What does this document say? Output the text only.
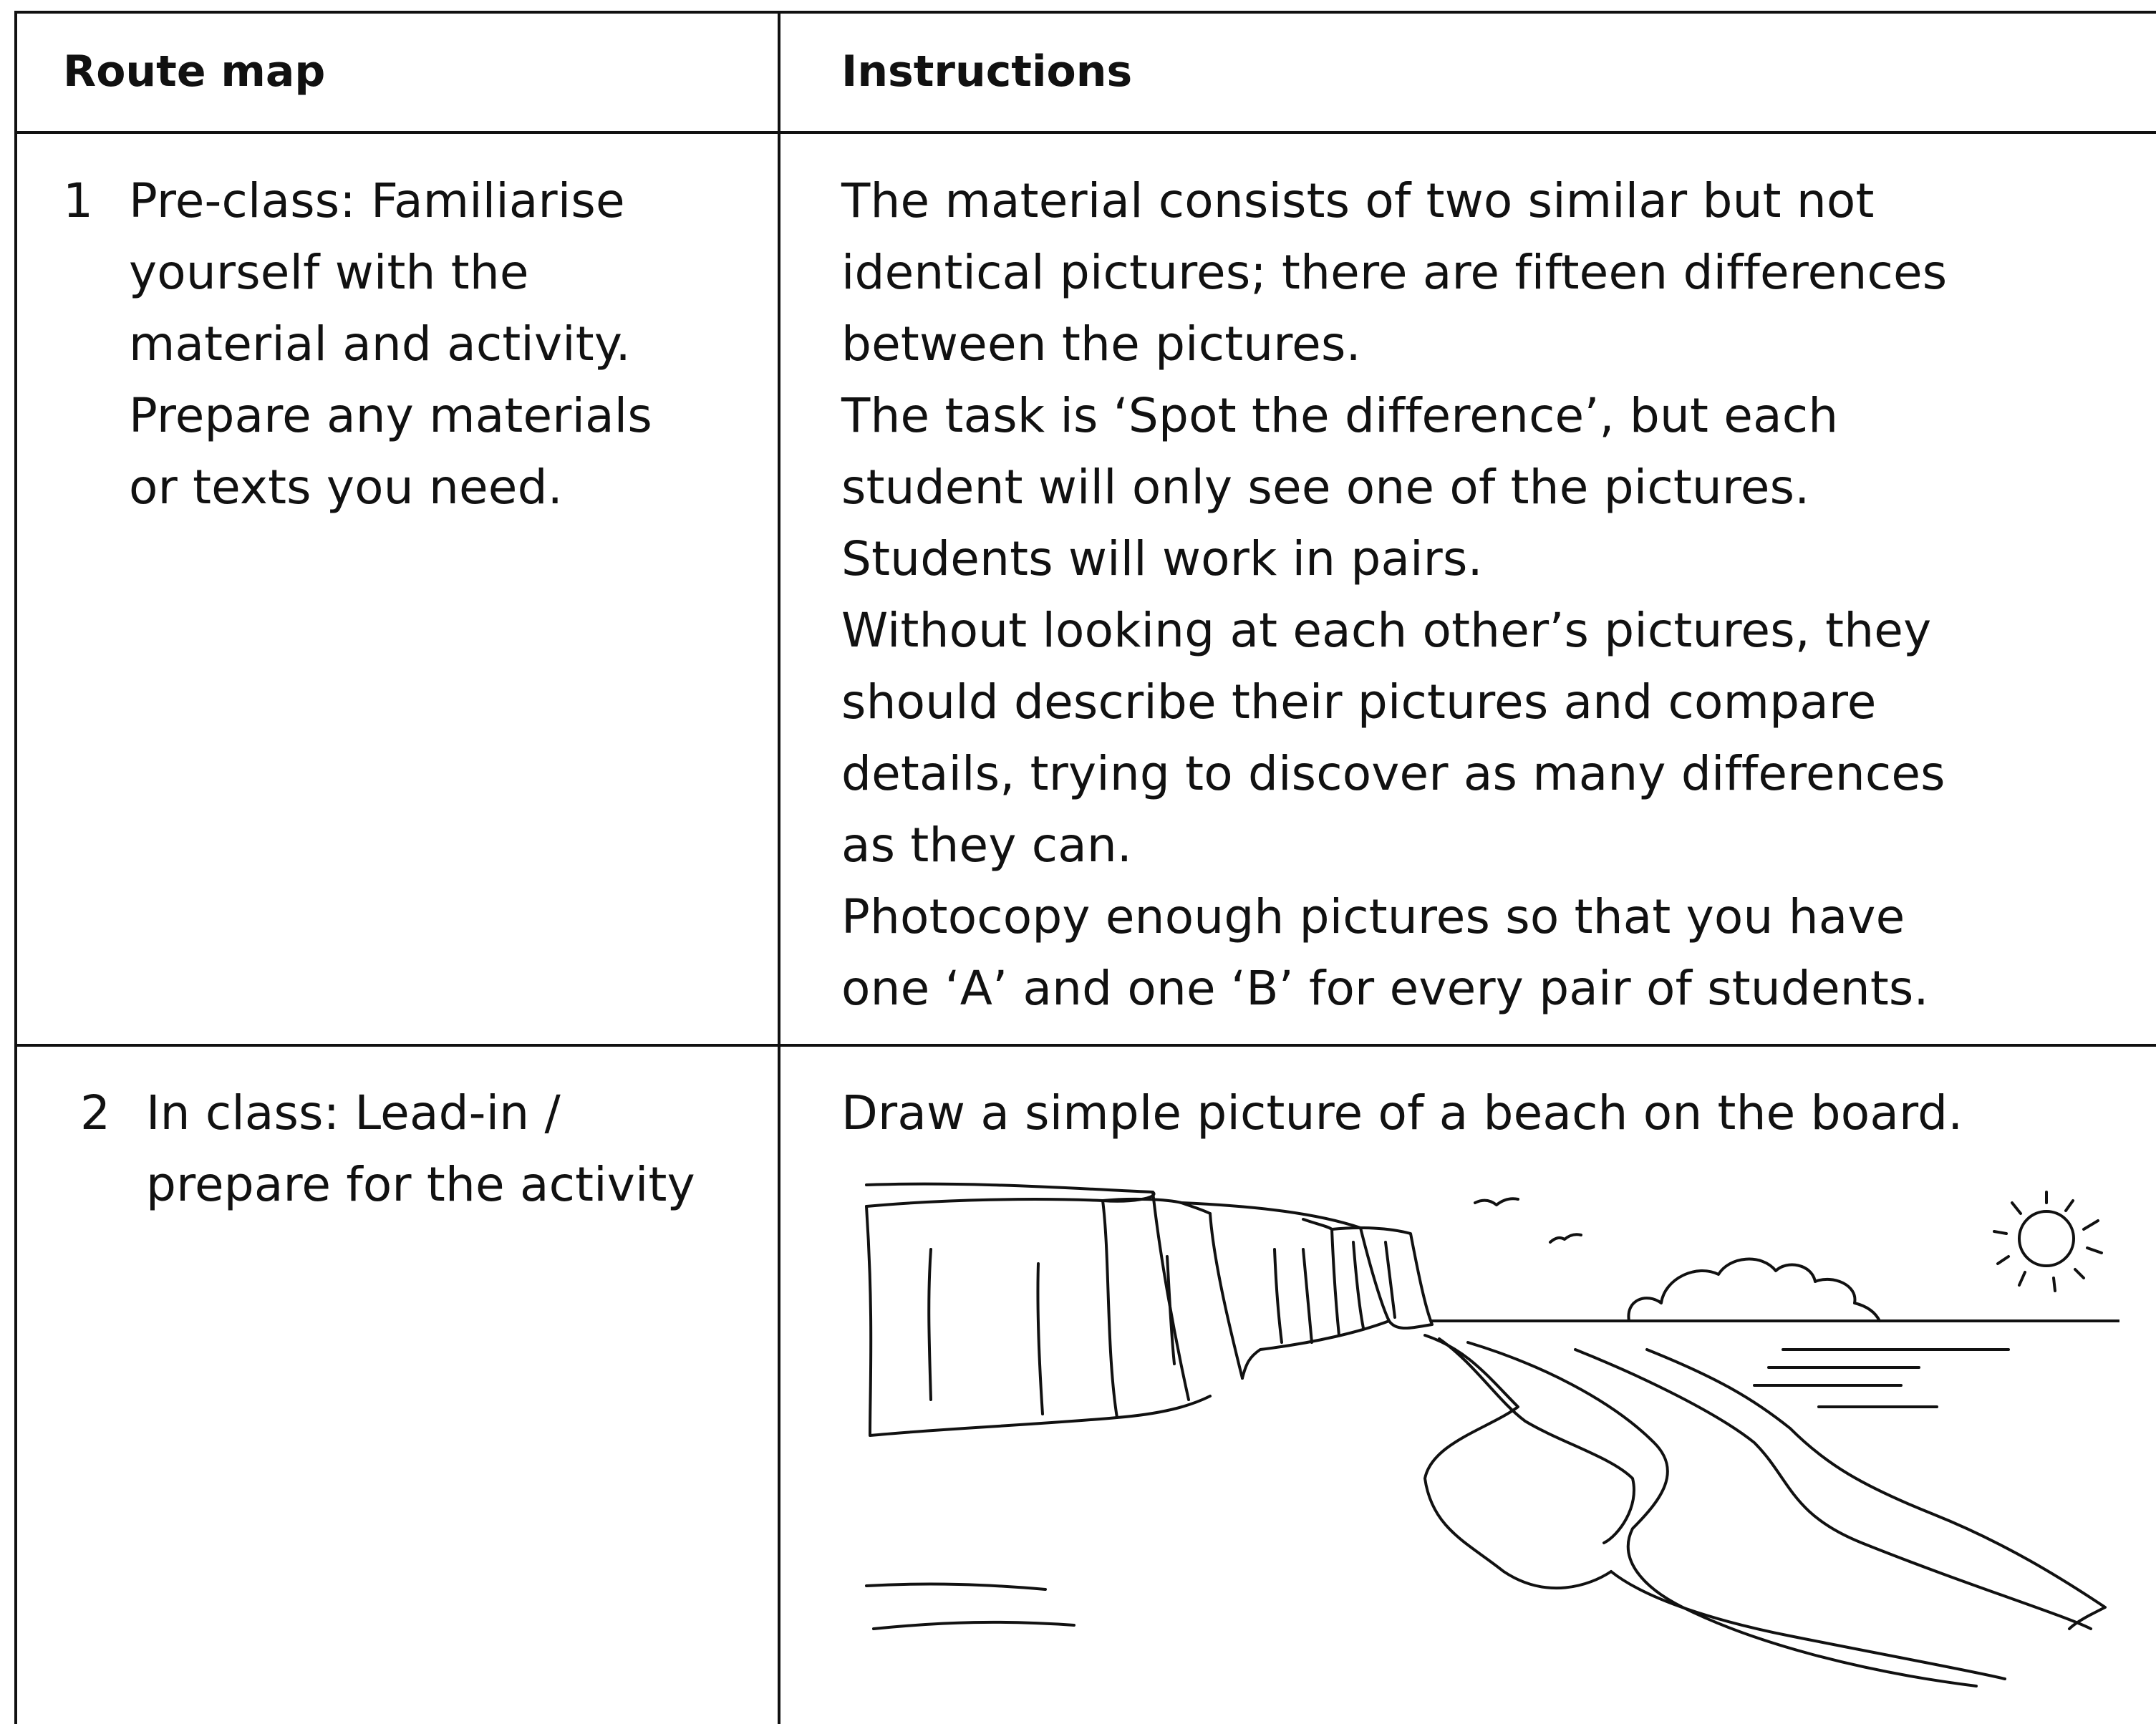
Route map	Instructions
1 Pre-class: Familiarise
yourself with the
material and activity.
Prepare any materials
or texts you need.
The material consists of two similar but not
identical pictures; there are fifteen differences
between the pictures.
The task is ‘Spot the difference’, but each
student will only see one of the pictures.
Students will work in pairs.
Without looking at each other’s pictures, they
should describe their pictures and compare
details, trying to discover as many differences
as they can.
Photocopy enough pictures so that you have
one ‘A’ and one ‘B’ for every pair of students.
2 In class: Lead-in /
prepare for the activity
Draw a simple picture of a beach on the board.
